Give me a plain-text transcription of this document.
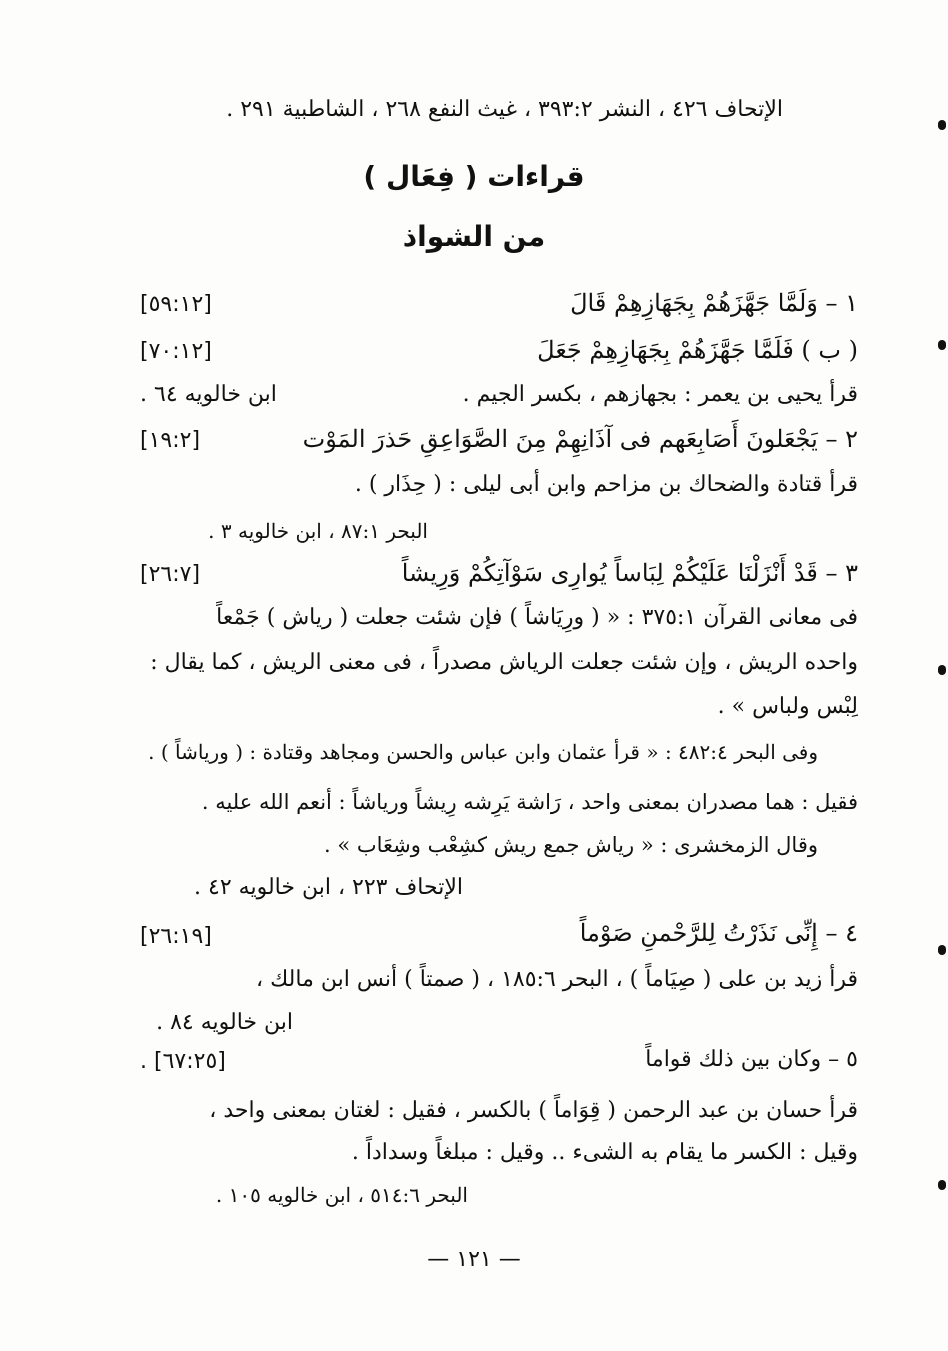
الإتحاف ٤٢٦ ، النشر ٣٩٣:٢ ، غيث النفع ٢٦٨ ، الشاطبية ٢٩١ .
قراءات ( فِعَال )
من الشواذ
١ – وَلَمَّا جَهَّزَهُمْ بِجَهَازِهِمْ قَالَ
[٥٩:١٢]
( ب ) فَلَمَّا جَهَّزَهُمْ بِجَهَازِهِمْ جَعَلَ
[٧٠:١٢]
قرأ يحيى بن يعمر : بجهازهم ، بكسر الجيم .
ابن خالويه ٦٤ .
٢ – يَجْعَلونَ أَصَابِعَهم فى آذَانِهِمْ مِنَ الصَّوَاعِقِ حَذرَ المَوْت
[١٩:٢]
قرأ قتادة والضحاك بن مزاحم وابن أبى ليلى : ( حِذَار ) .
البحر ٨٧:١ ، ابن خالويه ٣ .
٣ – قَدْ أَنْزَلْنَا عَلَيْكُمْ لِبَاساً يُوارِى سَوْآتِكُمْ وَرِيشاً
[٢٦:٧]
فى معانى القرآن ٣٧٥:١ : « ( ورِيَاشاً ) فإن شئت جعلت ( رياش ) جَمْعاً
واحده الريش ، وإن شئت جعلت الرياش مصدراً ، فى معنى الريش ، كما يقال :
لِبْس ولباس » .
وفى البحر ٤٨٢:٤ : « قرأ عثمان وابن عباس والحسن ومجاهد وقتادة : ( ورياشاً ) .
فقيل : هما مصدران بمعنى واحد ، رَاشة يَرِشه رِيشاً ورياشاً : أنعم الله عليه .
وقال الزمخشرى : « رياش جمع ريش كشِعْب وشِعَاب » .
الإتحاف ٢٢٣ ، ابن خالويه ٤٢ .
٤ – إِنِّى نَذَرْتُ لِلرَّحْمنِ صَوْماً
[٢٦:١٩]
قرأ زيد بن على ( صِيَاماً ) ، البحر ١٨٥:٦ ، ( صمتاً ) أنس ابن مالك ،
ابن خالويه ٨٤ .
٥ – وكان بين ذلك قواماً
. [٦٧:٢٥]
قرأ حسان بن عبد الرحمن ( قِوَاماً ) بالكسر ، فقيل : لغتان بمعنى واحد ،
وقيل : الكسر ما يقام به الشىء .. وقيل : مبلغاً وسداداً .
البحر ٥١٤:٦ ، ابن خالويه ١٠٥ .
— ١٢١ —
